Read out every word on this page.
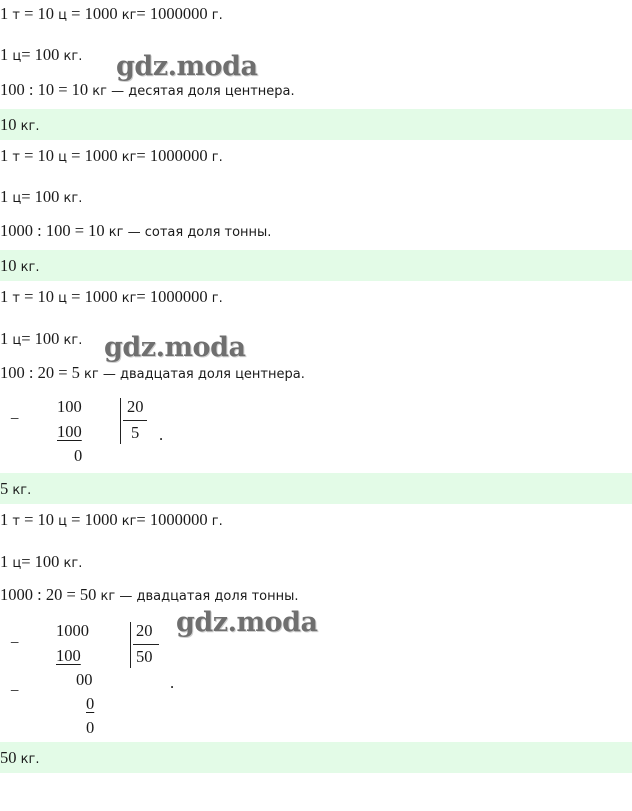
1 т = 10 ц = 1000 кг= 1000000 г.
1 ц= 100 кг. gdz.moda
100 : 10 = 10 кг — десятая доля центнера.
10 кг.
1 т = 10 ц = 1000 кг= 1000000 г.
1 ц= 100 кг.
1000 : 100 = 10 кг — сотая доля тонны.
10 кг.
1 т = 10 ц = 1000 кг= 1000000 г.
1 ц= 100 кг. gdz.moda
100 : 20 = 5 кг — двадцатая доля центнера.
−
100
100
0
20
5 .
5 кг.
1 т = 10 ц = 1000 кг= 1000000 г.
1 ц= 100 кг.
1000 : 20 = 50 кг — двадцатая доля тонны.
gdz.moda
−
1000
100
−
00
0
0
20
50
.
50 кг.
